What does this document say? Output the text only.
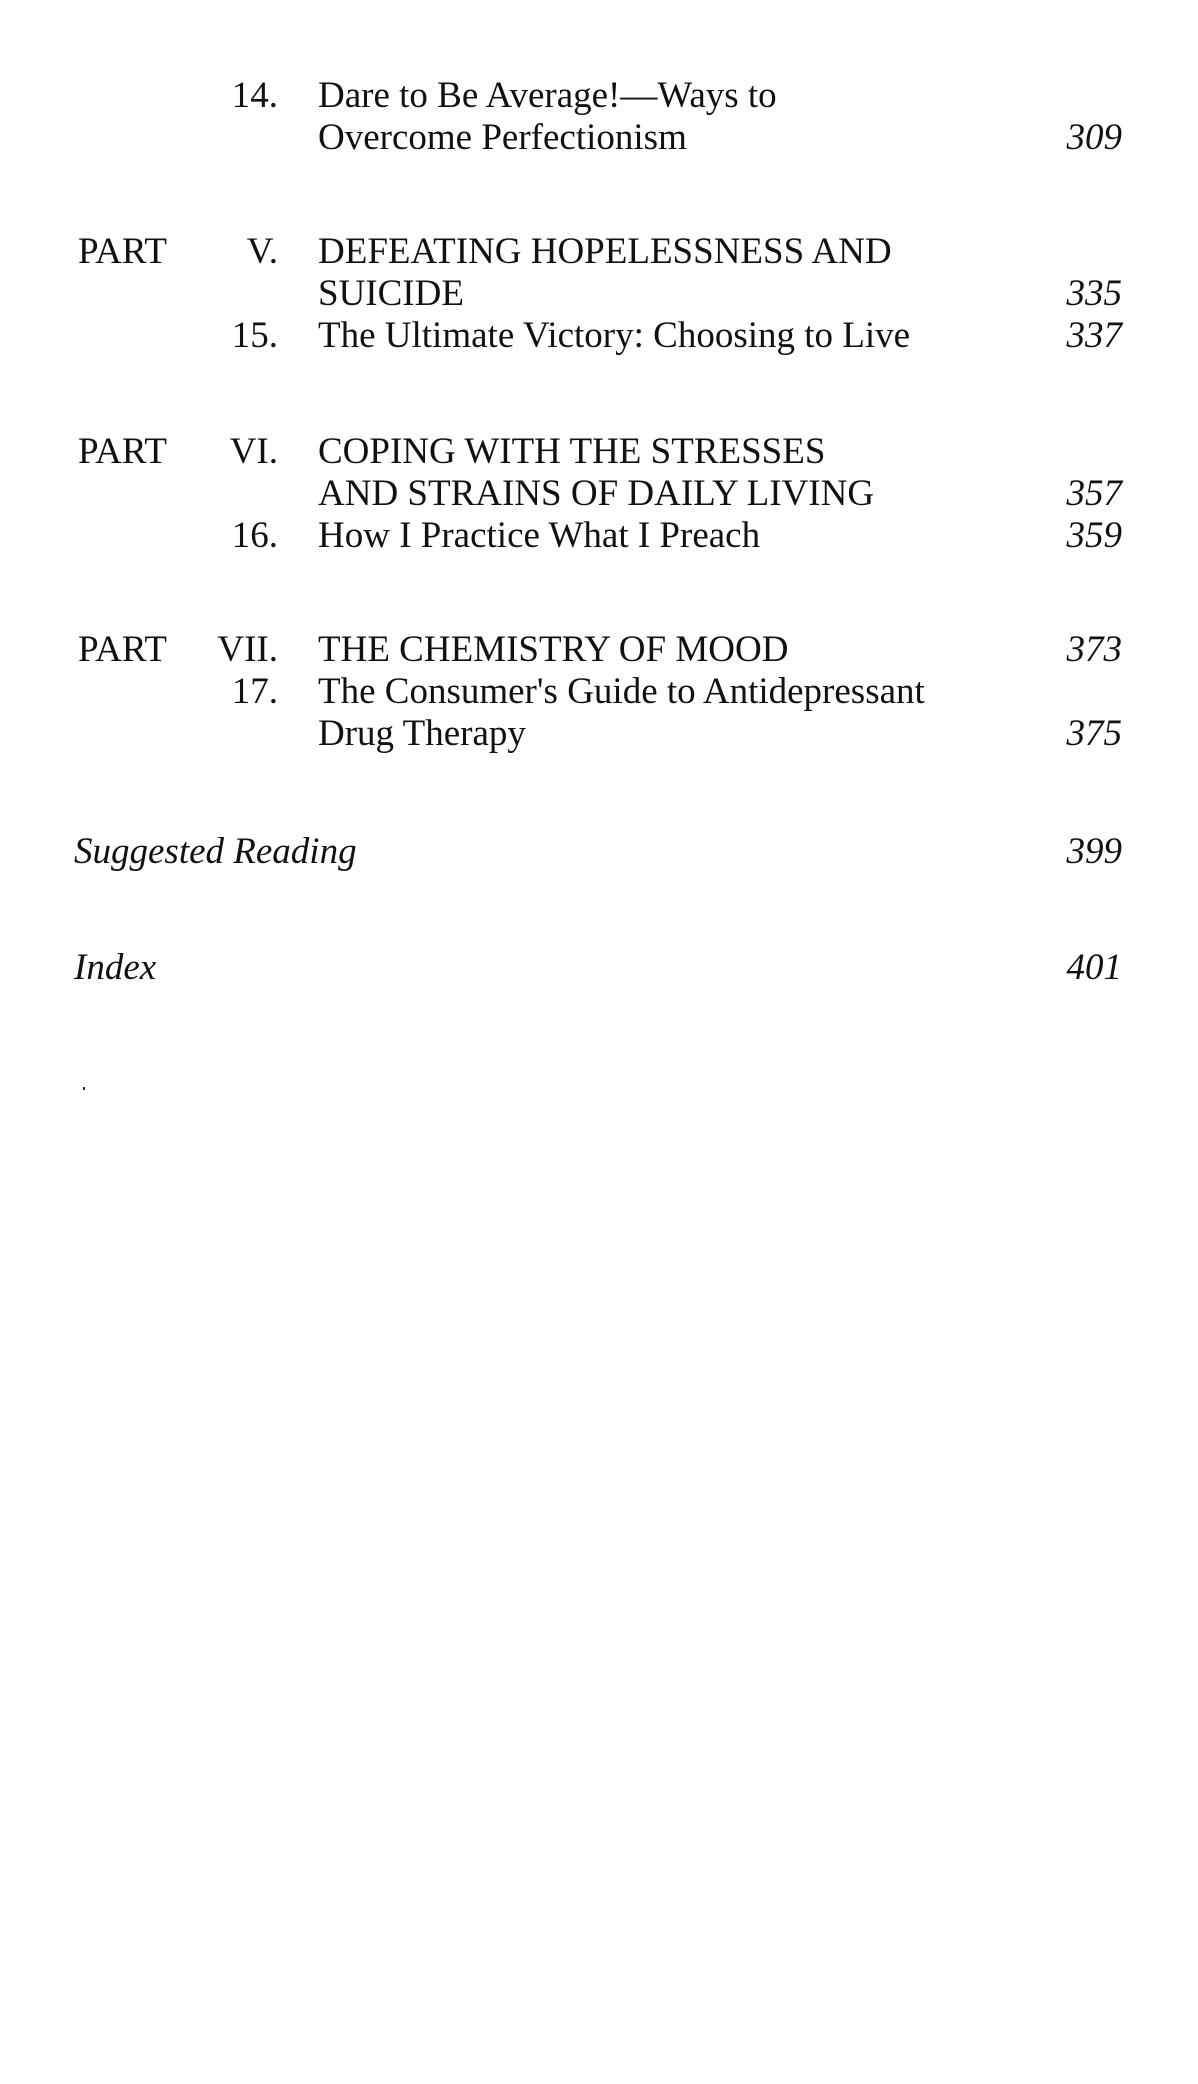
14. Dare to Be Average!—Ways to
Overcome Perfectionism	309
PART	V. DEFEATING HOPELESSNESS AND
SUICIDE	335
15. The Ultimate Victory: Choosing to Live	337
PART	VI. COPING WITH THE STRESSES
AND STRAINS OF DAILY LIVING	357
16. How I Practice What I Preach	359
PART VII. THE CHEMISTRY OF MOOD	373
17. The Consumer's Guide to Antidepressant
Drug Therapy	375
Suggested Reading	399
Index	401
